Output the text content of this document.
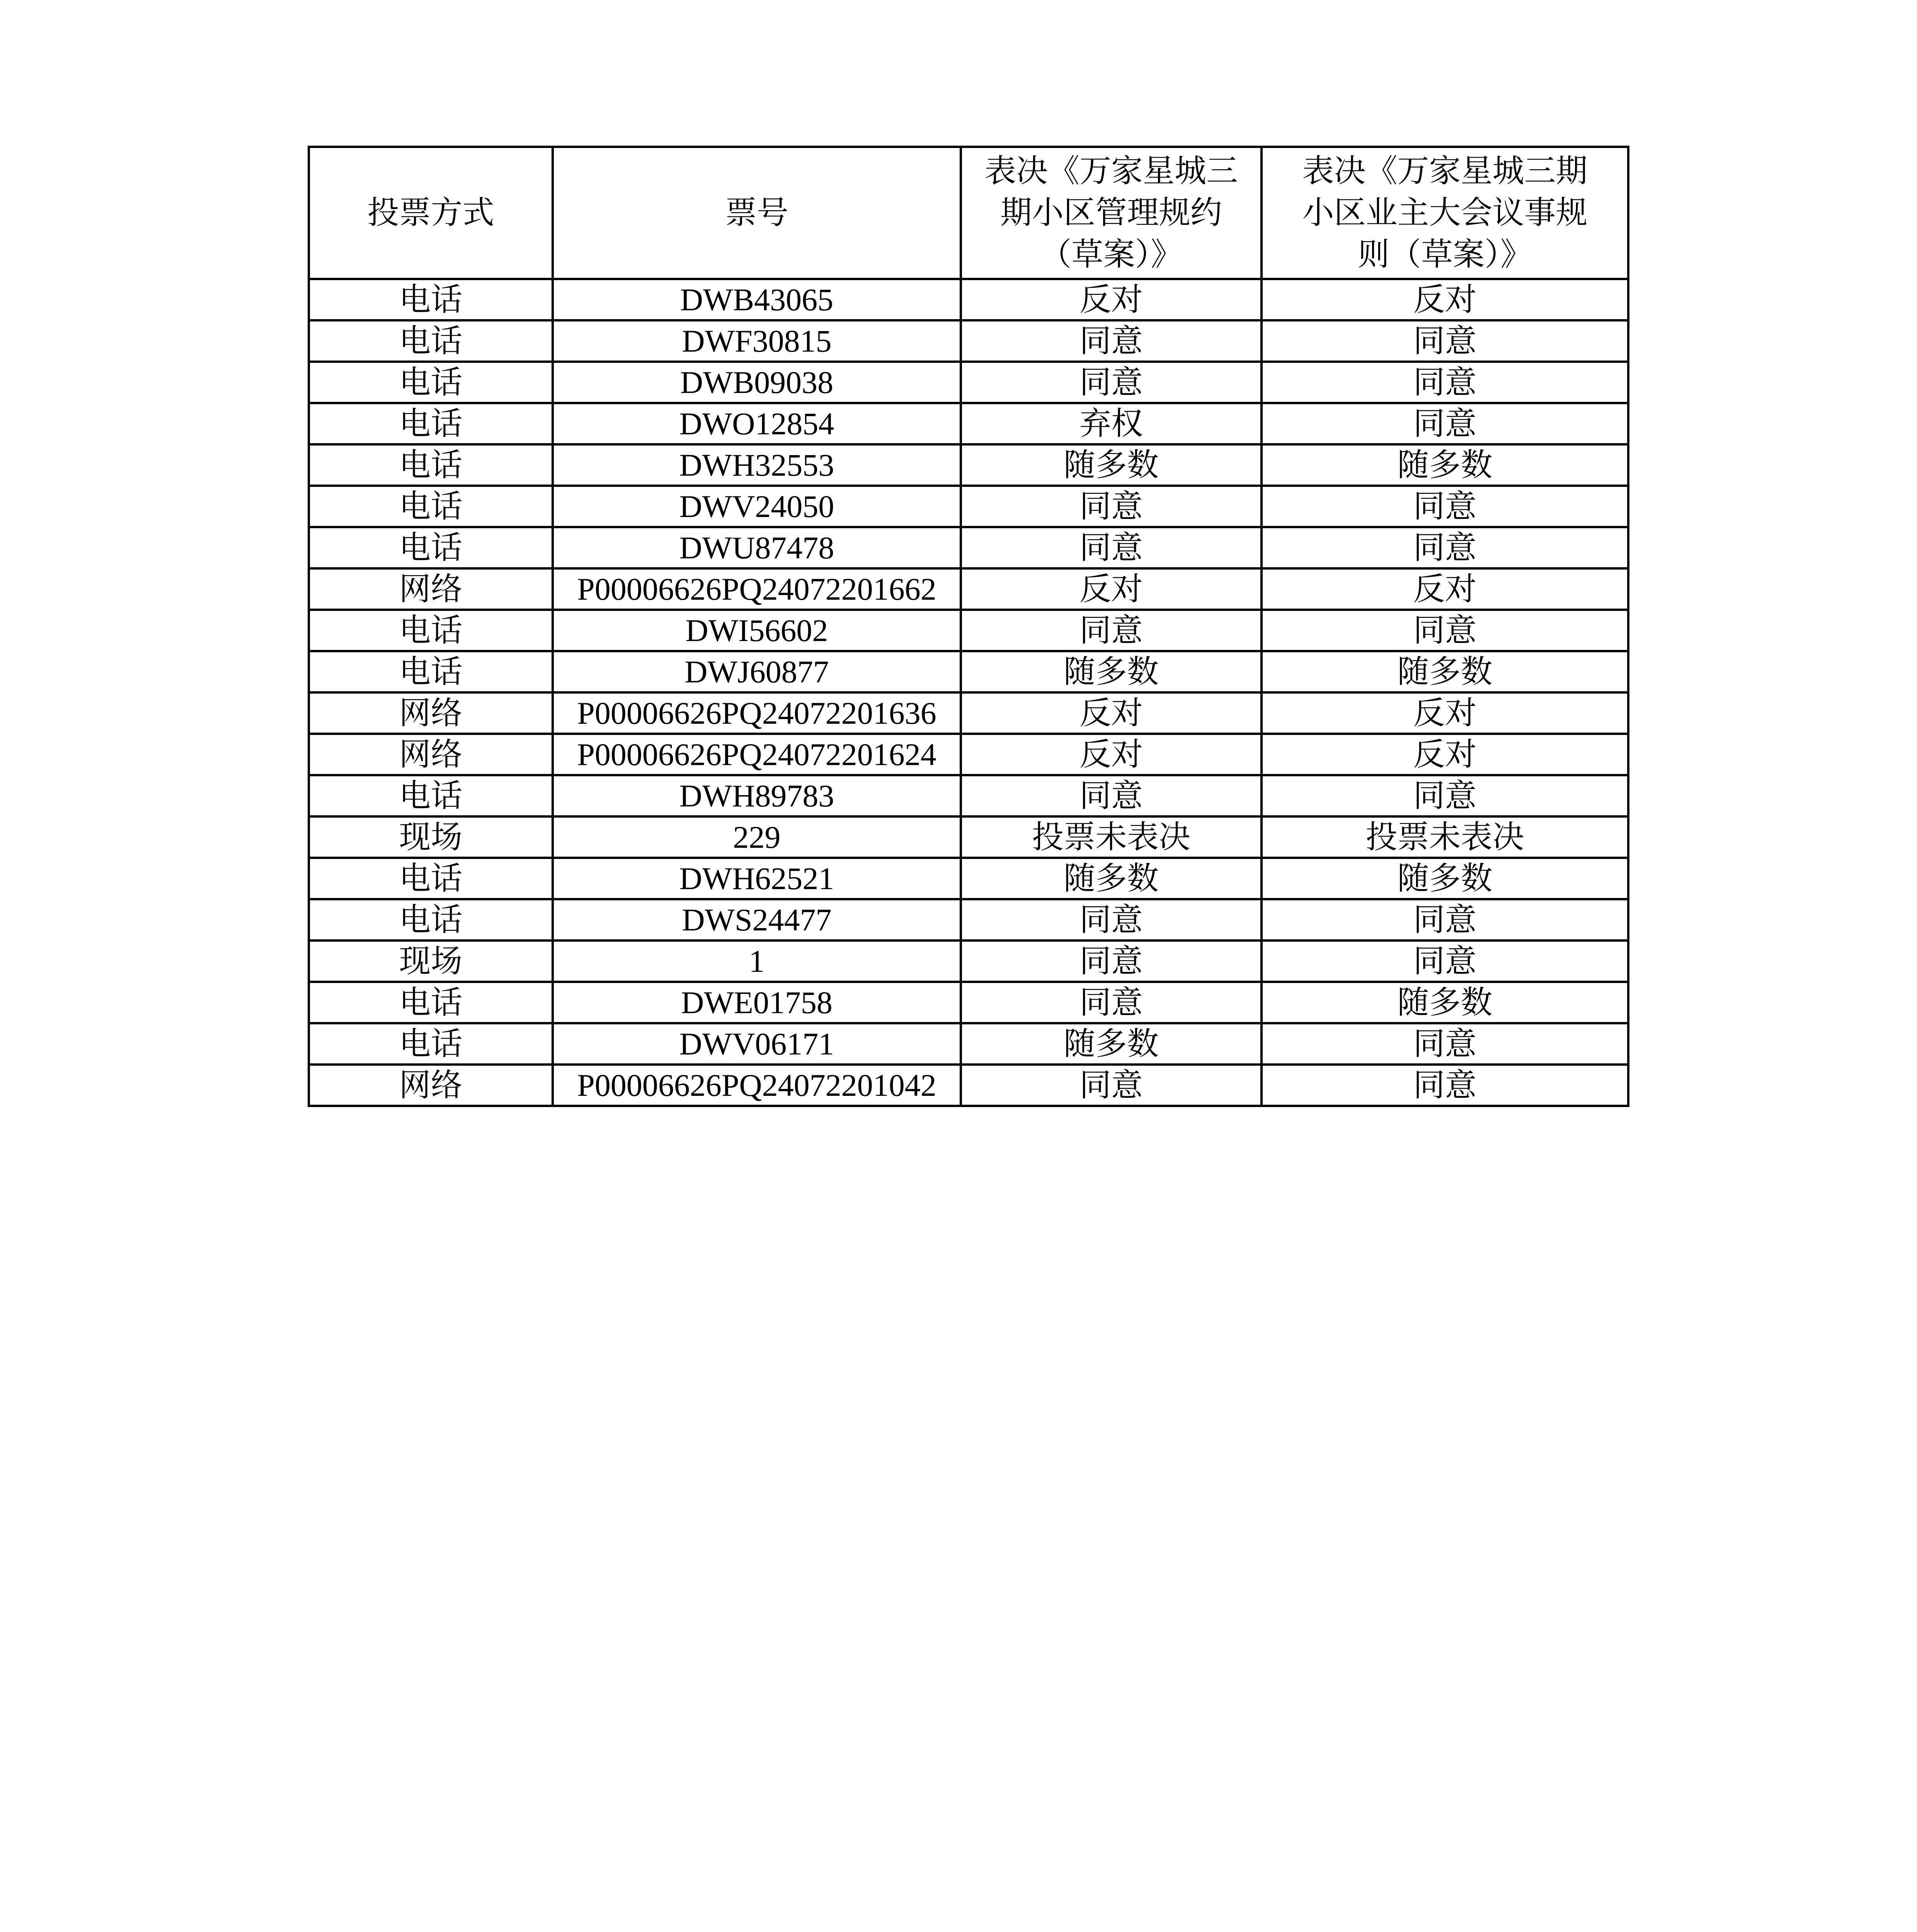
投票方式	票号	表决《万家星城三
期小区管理规约
（草案）》	表决《万家星城三期
小区业主大会议事规
则（草案）》

电话	DWB43065	反对	反对
电话	DWF30815	同意	同意
电话	DWB09038	同意	同意
电话	DWO12854	弃权	同意
电话	DWH32553	随多数	随多数
电话	DWV24050	同意	同意
电话	DWU87478	同意	同意
网络	P00006626PQ24072201662	反对	反对
电话	DWI56602	同意	同意
电话	DWJ60877	随多数	随多数
网络	P00006626PQ24072201636	反对	反对
网络	P00006626PQ24072201624	反对	反对
电话	DWH89783	同意	同意
现场	229	投票未表决	投票未表决
电话	DWH62521	随多数	随多数
电话	DWS24477	同意	同意
现场	1	同意	同意
电话	DWE01758	同意	随多数
电话	DWV06171	随多数	同意
网络	P00006626PQ24072201042	同意	同意
